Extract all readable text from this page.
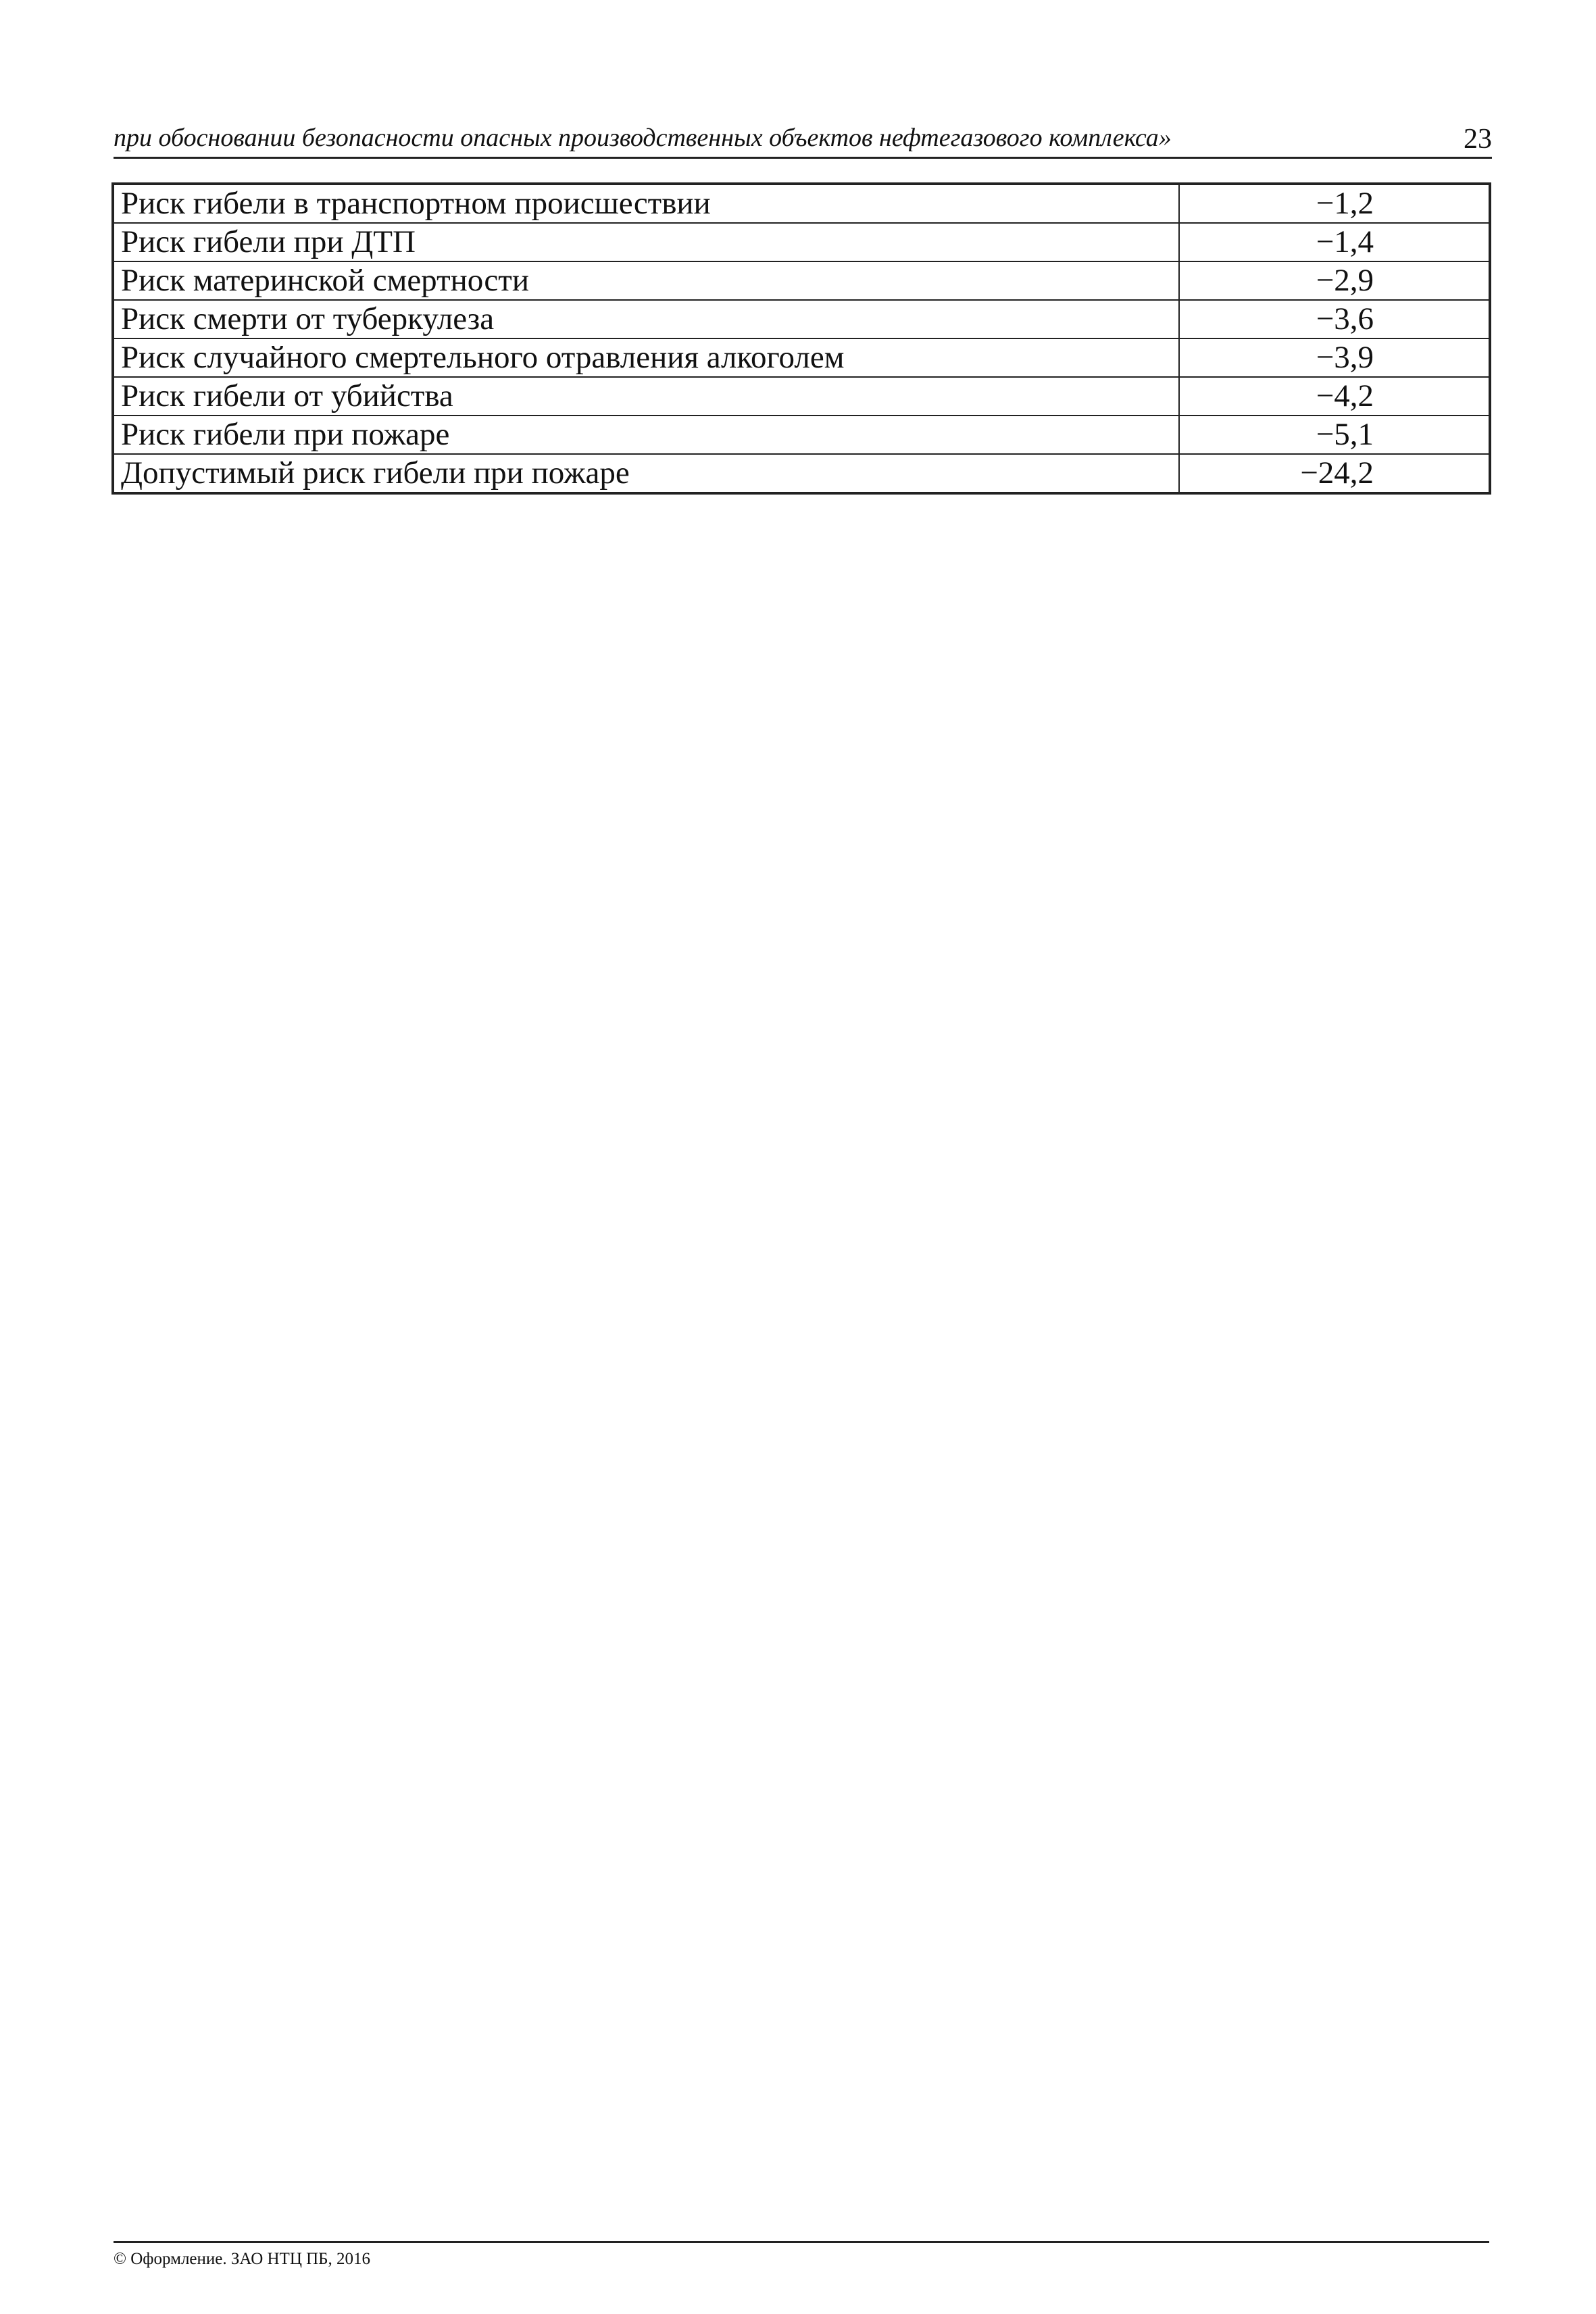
при обосновании безопасности опасных производственных объектов нефтегазового комплекса»	23
Риск гибели в транспортном происшествии	−1,2
Риск гибели при ДТП	−1,4
Риск материнской смертности	−2,9
Риск смерти от туберкулеза	−3,6
Риск случайного смертельного отравления алкоголем	−3,9
Риск гибели от убийства	−4,2
Риск гибели при пожаре	−5,1
Допустимый риск гибели при пожаре	−24,2
© Оформление. ЗАО НТЦ ПБ, 2016
